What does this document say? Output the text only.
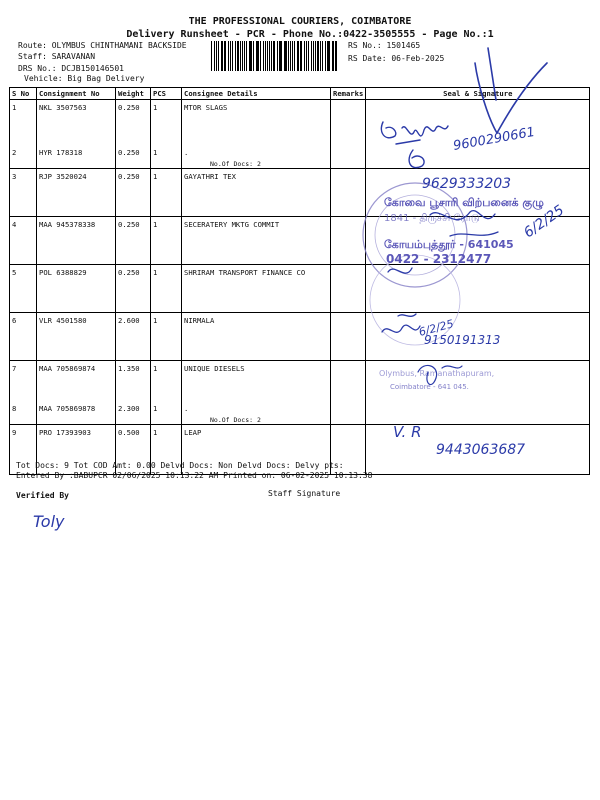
THE PROFESSIONAL COURIERS, COIMBATORE
Delivery Runsheet - PCR - Phone No.:0422-3505555 - Page No.:1
Route: OLYMBUS CHINTHAMANI BACKSIDE
Staff: SARAVANAN
DRS No.: DCJB150146501
Vehicle: Big Bag Delivery
RS No.: 1501465
RS Date: 06-Feb-2025
S No	Consignment No	Weight	PCS	Consignee Details	Remarks	Seal & Signature
1	NKL 3507563	0.250	1	MTOR SLAGS		
2	HYR 178318	0.250	1	.
No.Of Docs: 2		

3	RJP 3520024	0.250	1	GAYATHRI TEX		
4	MAA 945378338	0.250	1	SECERATERY MKTG COMMIT		
5	POL 6388829	0.250	1	SHRIRAM TRANSPORT FINANCE CO		
6	VLR 4501580	2.600	1	NIRMALA		
7	MAA 705869874	1.350	1	UNIQUE DIESELS		
8	MAA 705869878	2.300	1	.
No.Of Docs: 2		

9	PRO 17393903	0.500	1	LEAP		
Tot Docs: 9 Tot COD Amt: 0.00 Delvd Docs: Non Delvd Docs: Delvy pts:
Entered By :BABUPCR 02/06/2025 10:13:22 AM Printed on: 06-02-2025 10:13:38
Verified By	Staff Signature
9600290661
9629333203
கோவை பூசாரி விற்பனைக் குழு
1841 - திருச்சி ரோடு
கோயம்புத்தூர் - 641045
0422 - 2312477
6/2/25
6/2/25
9150191313
Olymbus, Ramanathapuram,
Coimbatore - 641 045.
V. R
9443063687
Toly
